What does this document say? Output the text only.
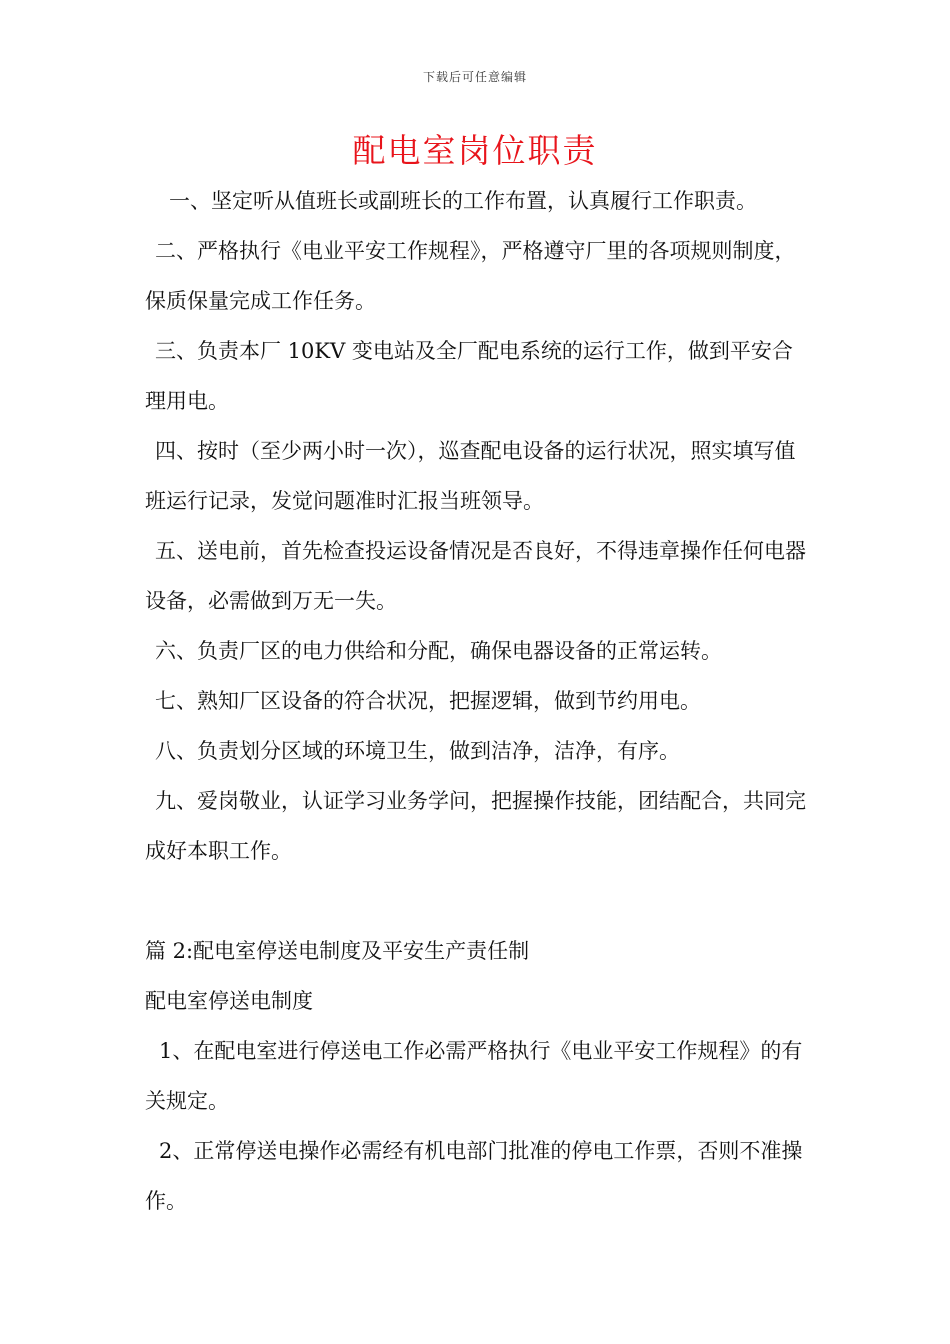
下载后可任意编辑
配电室岗位职责

一、坚定听从值班长或副班长的工作布置，认真履行工作职责。

二、严格执行《电业平安工作规程》，严格遵守厂里的各项规则制度，保质保量完成工作任务。

三、负责本厂 10KV 变电站及全厂配电系统的运行工作，做到平安合理用电。

四、按时（至少两小时一次），巡查配电设备的运行状况，照实填写值班运行记录，发觉问题准时汇报当班领导。

五、送电前，首先检查投运设备情况是否良好，不得违章操作任何电器设备，必需做到万无一失。

六、负责厂区的电力供给和分配，确保电器设备的正常运转。

七、熟知厂区设备的符合状况，把握逻辑，做到节约用电。

八、负责划分区域的环境卫生，做到洁净，洁净，有序。

九、爱岗敬业，认证学习业务学问，把握操作技能，团结配合，共同完成好本职工作。

篇 2:配电室停送电制度及平安生产责任制

配电室停送电制度

1、在配电室进行停送电工作必需严格执行《电业平安工作规程》的有关规定。

2、正常停送电操作必需经有机电部门批准的停电工作票，否则不准操作。
